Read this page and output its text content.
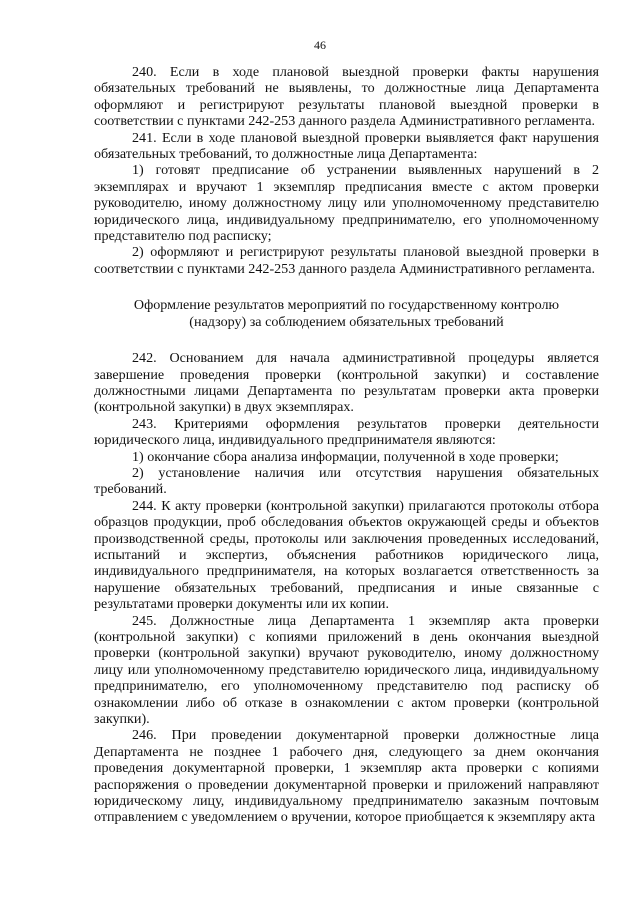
46

240. Если в ходе плановой выездной проверки факты нарушения обязательных требований не выявлены, то должностные лица Департамента оформляют и регистрируют результаты плановой выездной проверки в соответствии с пунктами 242-253 данного раздела Административного регламента.

241. Если в ходе плановой выездной проверки выявляется факт нарушения обязательных требований, то должностные лица Департамента:

1) готовят предписание об устранении выявленных нарушений в 2 экземплярах и вручают 1 экземпляр предписания вместе с актом проверки руководителю, иному должностному лицу или уполномоченному представителю юридического лица, индивидуальному предпринимателю, его уполномоченному представителю под расписку;

2) оформляют и регистрируют результаты плановой выездной проверки в соответствии с пунктами 242-253 данного раздела Административного регламента.

Оформление результатов мероприятий по государственному контролю
(надзору) за соблюдением обязательных требований

242. Основанием для начала административной процедуры является завершение проведения проверки (контрольной закупки) и составление должностными лицами Департамента по результатам проверки акта проверки (контрольной закупки) в двух экземплярах.

243. Критериями оформления результатов проверки деятельности юридического лица, индивидуального предпринимателя являются:

1) окончание сбора анализа информации, полученной в ходе проверки;

2) установление наличия или отсутствия нарушения обязательных требований.

244. К акту проверки (контрольной закупки) прилагаются протоколы отбора образцов продукции, проб обследования объектов окружающей среды и объектов производственной среды, протоколы или заключения проведенных исследований, испытаний и экспертиз, объяснения работников юридического лица, индивидуального предпринимателя, на которых возлагается ответственность за нарушение обязательных требований, предписания и иные связанные с результатами проверки документы или их копии.

245. Должностные лица Департамента 1 экземпляр акта проверки (контрольной закупки) с копиями приложений в день окончания выездной проверки (контрольной закупки) вручают руководителю, иному должностному лицу или уполномоченному представителю юридического лица, индивидуальному предпринимателю, его уполномоченному представителю под расписку об ознакомлении либо об отказе в ознакомлении с актом проверки (контрольной закупки).

246. При проведении документарной проверки должностные лица Департамента не позднее 1 рабочего дня, следующего за днем окончания проведения документарной проверки, 1 экземпляр акта проверки с копиями распоряжения о проведении документарной проверки и приложений направляют юридическому лицу, индивидуальному предпринимателю заказным почтовым отправлением с уведомлением о вручении, которое приобщается к экземпляру акта
